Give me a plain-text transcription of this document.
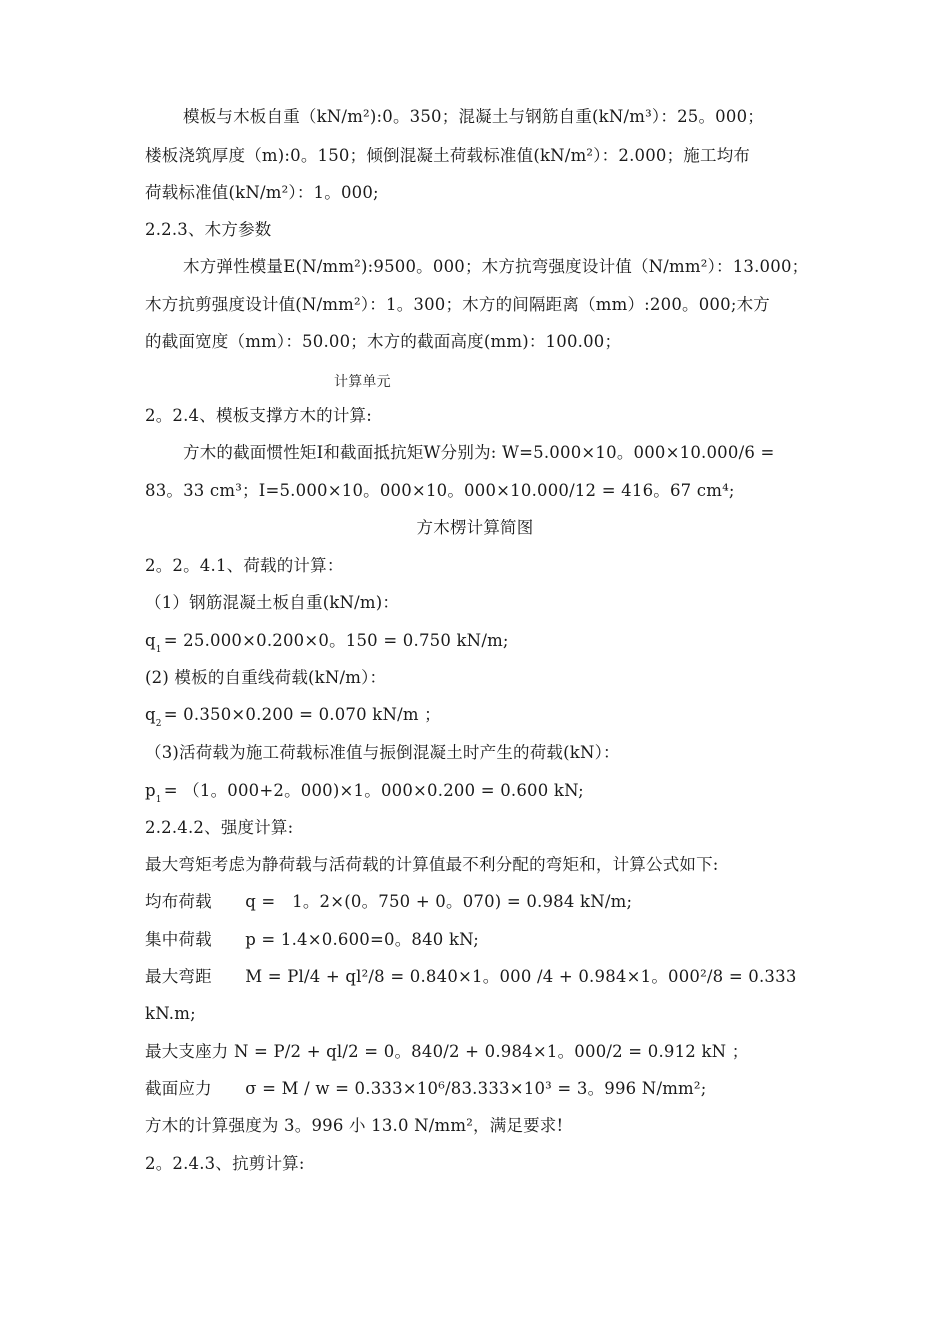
模板与木板自重（kN/m²):0。350；混凝土与钢筋自重(kN/m³）：25。000；
楼板浇筑厚度（m):0。150；倾倒混凝土荷载标准值(kN/m²）：2.000；施工均布
荷载标准值(kN/m²）：1。000;
2.2.3、木方参数
木方弹性模量E(N/mm²):9500。000；木方抗弯强度设计值（N/mm²）：13.000；
木方抗剪强度设计值(N/mm²）：1。300；木方的间隔距离（mm）:200。000;木方
的截面宽度（mm）：50.00；木方的截面高度(mm)：100.00；
计算单元
2。2.4、模板支撑方木的计算:
方木的截面惯性矩I和截面抵抗矩W分别为: W=5.000×10。000×10.000/6 =
83。33 cm³；I=5.000×10。000×10。000×10.000/12 = 416。67 cm⁴;
方木楞计算简图
2。2。4.1、荷载的计算：
（1）钢筋混凝土板自重(kN/m)：
$q_1 = 25.000\times 0.200\times 0$。150 = 0.750 kN/m;
(2) 模板的自重线荷载(kN/m）：
$q_2 = 0.350\times 0.200 = 0.070$ kN/m ；
（3)活荷载为施工荷载标准值与振倒混凝土时产生的荷载(kN）：
$p_1 = (1$。000+2。000)×1。000×0.200 = 0.600 kN;
2.2.4.2、强度计算:
最大弯矩考虑为静荷载与活荷载的计算值最不利分配的弯矩和，计算公式如下:
均布荷载　　q =　1。2×(0。750 + 0。070) = 0.984 kN/m;
集中荷载　　p = 1.4×0.600=0。840 kN;
最大弯距　　M = Pl/4 + ql²/8 = 0.840×1。000 /4 + 0.984×1。000²/8 = 0.333
kN.m;
最大支座力 N = P/2 + ql/2 = 0。840/2 + 0.984×1。000/2 = 0.912 kN ；
截面应力　　σ = M / w = 0.333×10⁶/83.333×10³ = 3。996 N/mm²;
方木的计算强度为 3。996 小 13.0 N/mm²，满足要求!
2。2.4.3、抗剪计算:
